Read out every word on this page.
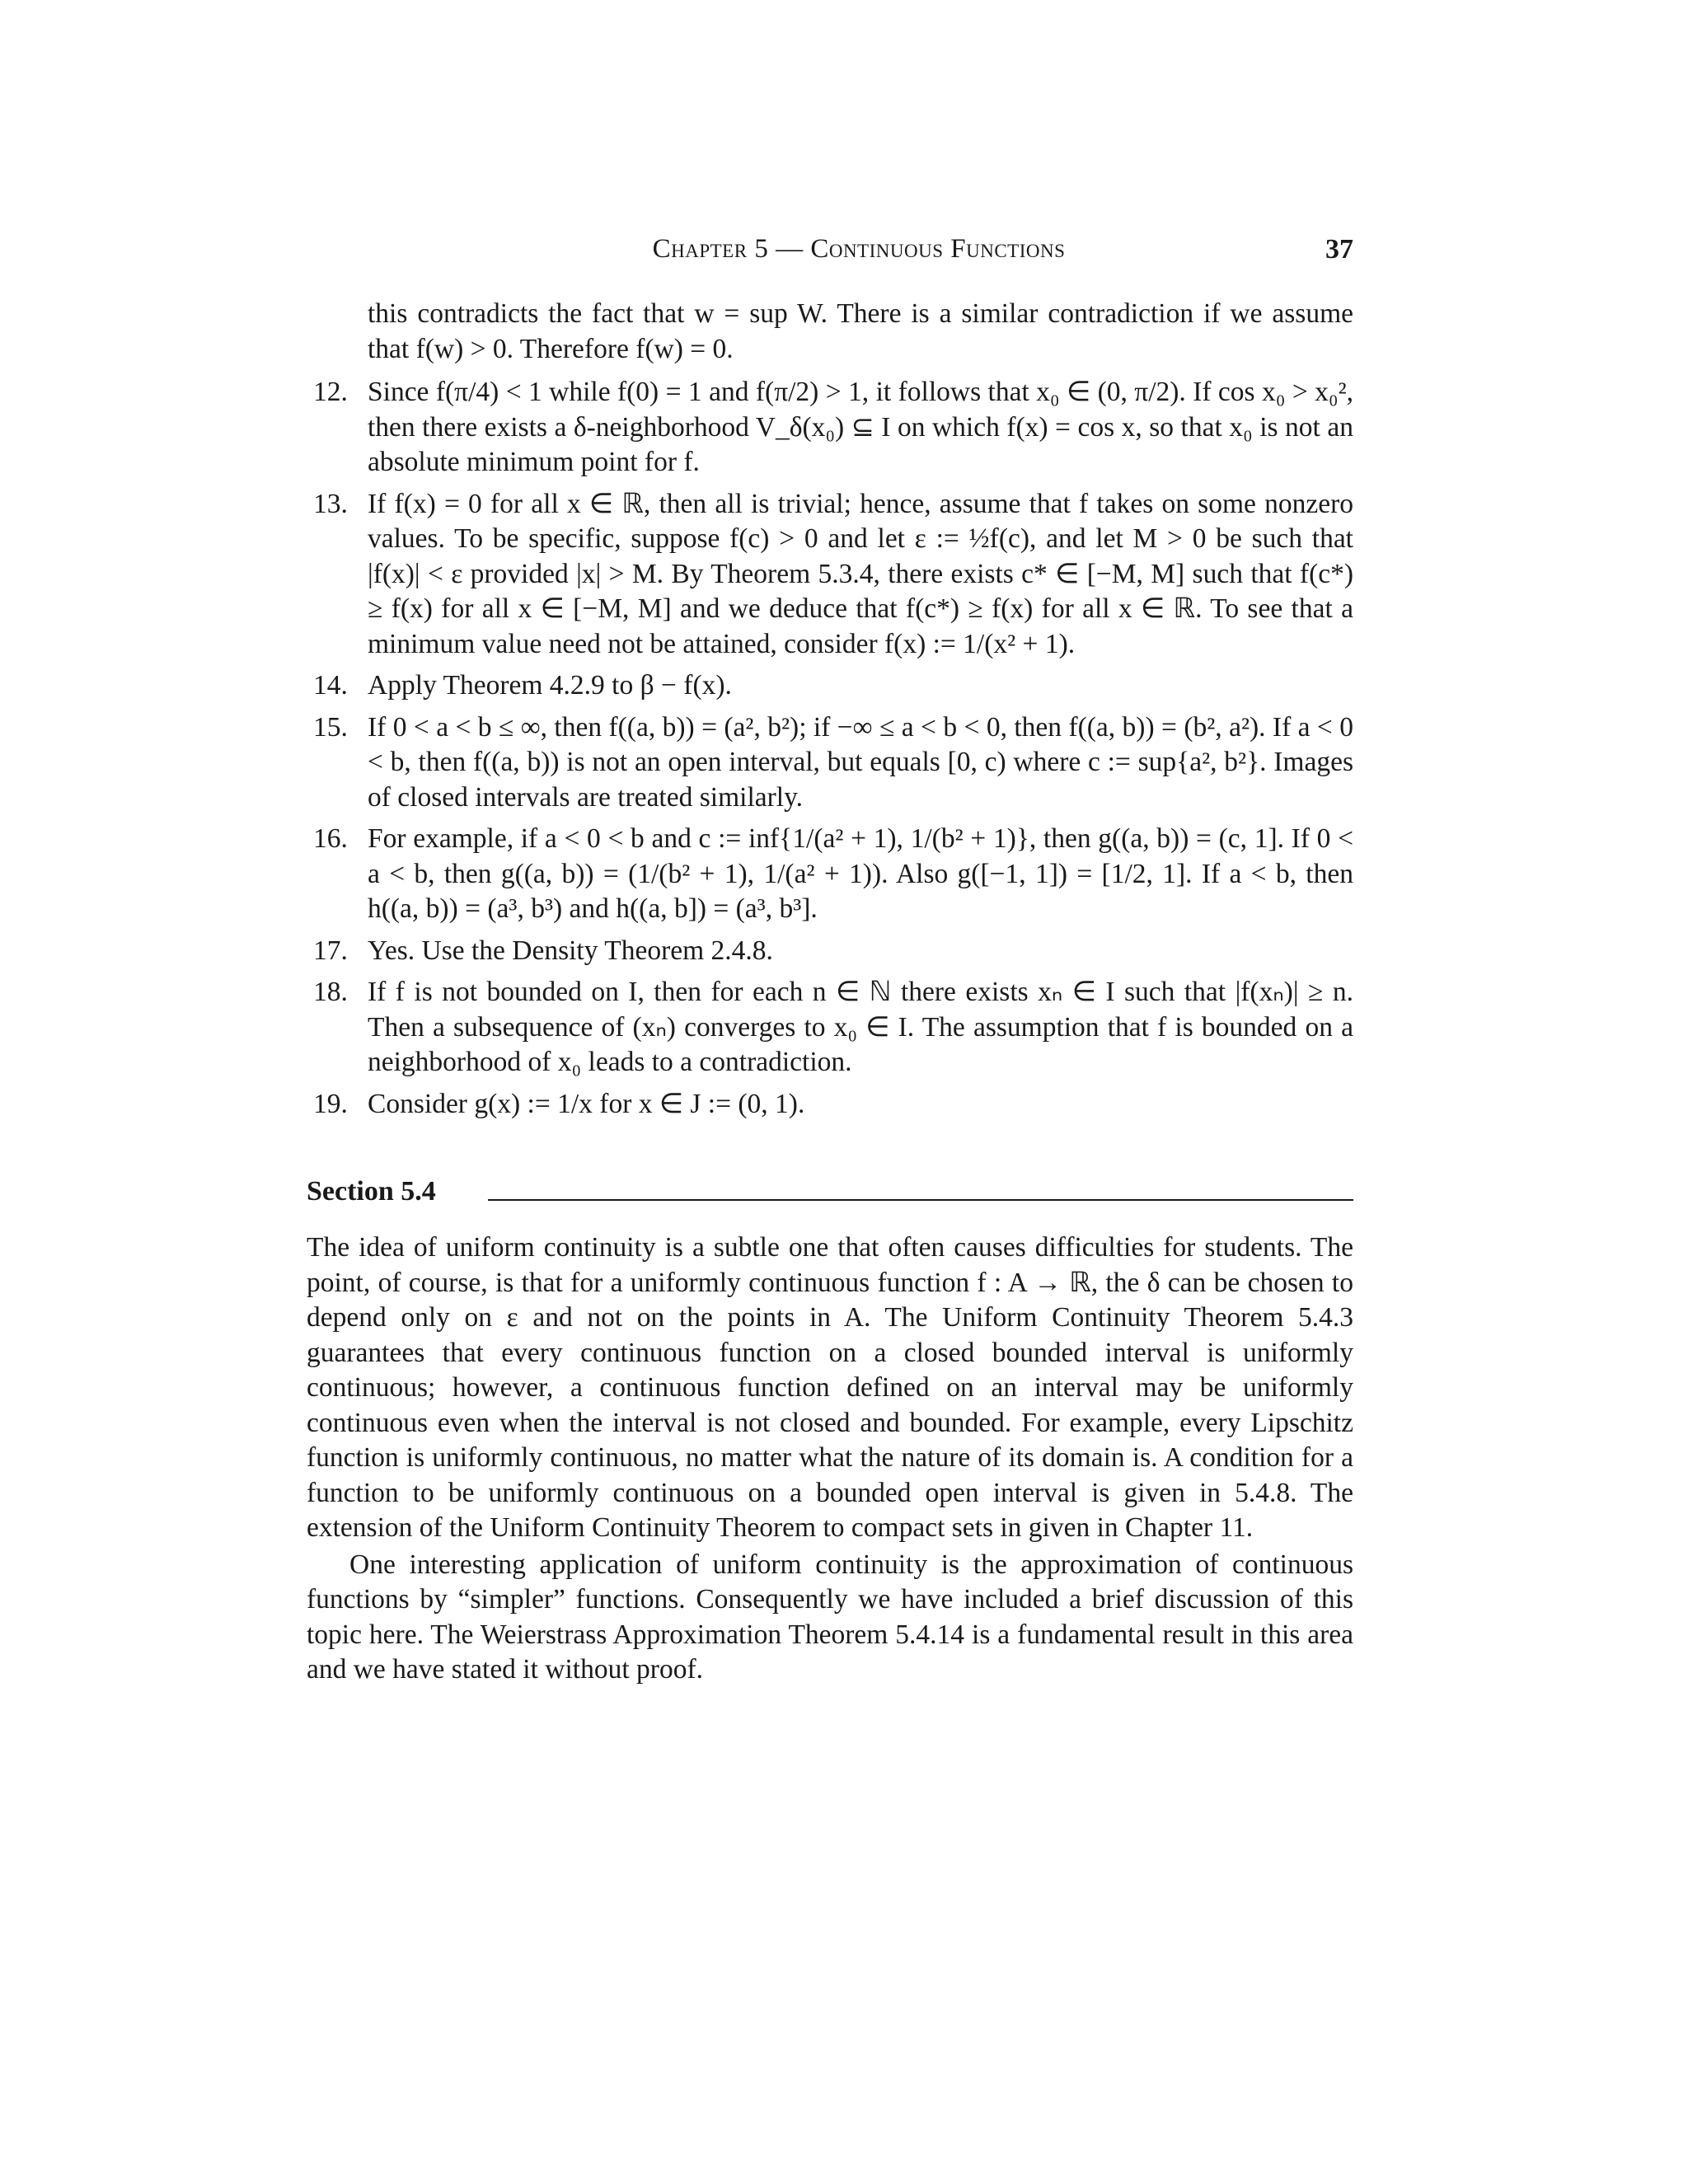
Chapter 5 — Continuous Functions	37
this contradicts the fact that w = sup W. There is a similar contradiction if we assume that f(w) > 0. Therefore f(w) = 0.
12. Since f(π/4) < 1 while f(0) = 1 and f(π/2) > 1, it follows that x₀ ∈ (0, π/2). If cos x₀ > x₀², then there exists a δ-neighborhood V_δ(x₀) ⊆ I on which f(x) = cos x, so that x₀ is not an absolute minimum point for f.
13. If f(x) = 0 for all x ∈ ℝ, then all is trivial; hence, assume that f takes on some nonzero values. To be specific, suppose f(c) > 0 and let ε := ½f(c), and let M > 0 be such that |f(x)| < ε provided |x| > M. By Theorem 5.3.4, there exists c* ∈ [−M, M] such that f(c*) ≥ f(x) for all x ∈ [−M, M] and we deduce that f(c*) ≥ f(x) for all x ∈ ℝ. To see that a minimum value need not be attained, consider f(x) := 1/(x² + 1).
14. Apply Theorem 4.2.9 to β − f(x).
15. If 0 < a < b ≤ ∞, then f((a, b)) = (a², b²); if −∞ ≤ a < b < 0, then f((a, b)) = (b², a²). If a < 0 < b, then f((a, b)) is not an open interval, but equals [0, c) where c := sup{a², b²}. Images of closed intervals are treated similarly.
16. For example, if a < 0 < b and c := inf{1/(a² + 1), 1/(b² + 1)}, then g((a, b)) = (c, 1]. If 0 < a < b, then g((a, b)) = (1/(b² + 1), 1/(a² + 1)). Also g([−1, 1]) = [1/2, 1]. If a < b, then h((a, b)) = (a³, b³) and h((a, b]) = (a³, b³].
17. Yes. Use the Density Theorem 2.4.8.
18. If f is not bounded on I, then for each n ∈ ℕ there exists xₙ ∈ I such that |f(xₙ)| ≥ n. Then a subsequence of (xₙ) converges to x₀ ∈ I. The assumption that f is bounded on a neighborhood of x₀ leads to a contradiction.
19. Consider g(x) := 1/x for x ∈ J := (0, 1).
Section 5.4

The idea of uniform continuity is a subtle one that often causes difficulties for students. The point, of course, is that for a uniformly continuous function f : A → ℝ, the δ can be chosen to depend only on ε and not on the points in A. The Uniform Continuity Theorem 5.4.3 guarantees that every continuous function on a closed bounded interval is uniformly continuous; however, a continuous function defined on an interval may be uniformly continuous even when the interval is not closed and bounded. For example, every Lipschitz function is uniformly continuous, no matter what the nature of its domain is. A condition for a function to be uniformly continuous on a bounded open interval is given in 5.4.8. The extension of the Uniform Continuity Theorem to compact sets in given in Chapter 11.

One interesting application of uniform continuity is the approximation of continuous functions by “simpler” functions. Consequently we have included a brief discussion of this topic here. The Weierstrass Approximation Theorem 5.4.14 is a fundamental result in this area and we have stated it without proof.
